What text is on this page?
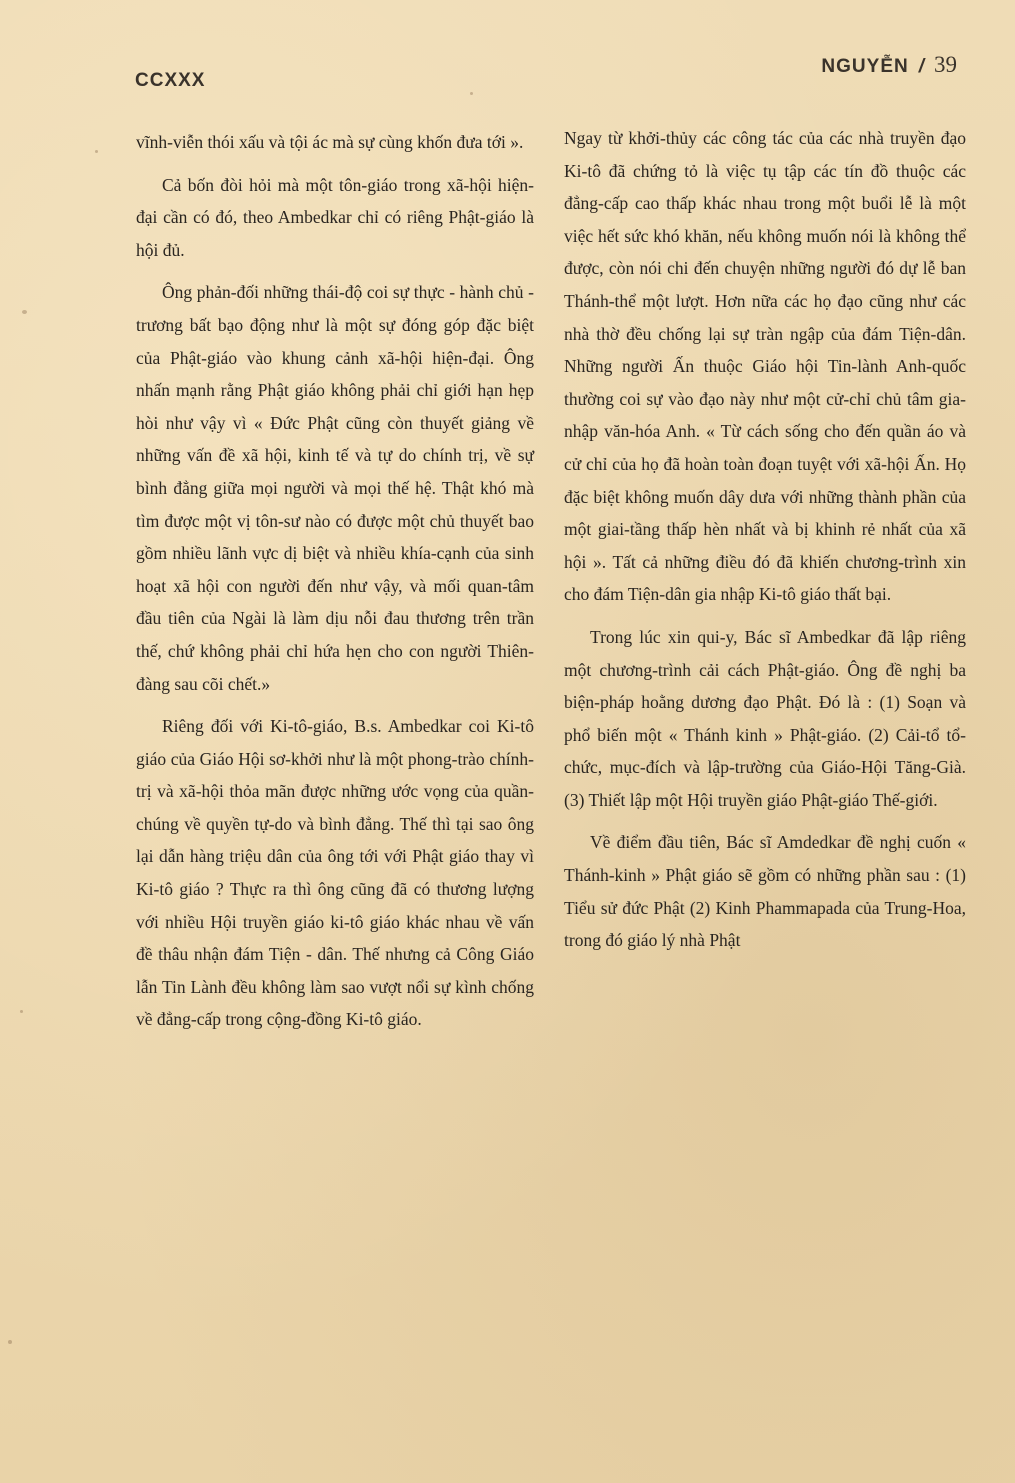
CCXXX
NGUYỄN / 39

vĩnh-viễn thói xấu và tội ác mà sự cùng khốn đưa tới ».

Cả bốn đòi hỏi mà một tôn-giáo trong xã-hội hiện-đại cần có đó, theo Ambedkar chỉ có riêng Phật-giáo là hội đủ.

Ông phản-đối những thái-độ coi sự thực - hành chủ - trương bất bạo động như là một sự đóng góp đặc biệt của Phật-giáo vào khung cảnh xã-hội hiện-đại. Ông nhấn mạnh rằng Phật giáo không phải chỉ giới hạn hẹp hòi như vậy vì « Đức Phật cũng còn thuyết giảng về những vấn đề xã hội, kinh tế và tự do chính trị, về sự bình đẳng giữa mọi người và mọi thế hệ. Thật khó mà tìm được một vị tôn-sư nào có được một chủ thuyết bao gồm nhiều lãnh vực dị biệt và nhiều khía-cạnh của sinh hoạt xã hội con người đến như vậy, và mối quan-tâm đầu tiên của Ngài là làm dịu nỗi đau thương trên trần thế, chứ không phải chỉ hứa hẹn cho con người Thiên-đàng sau cõi chết.»

Riêng đối với Ki-tô-giáo, B.s. Ambedkar coi Ki-tô giáo của Giáo Hội sơ-khởi như là một phong-trào chính-trị và xã-hội thỏa mãn được những ước vọng của quần-chúng về quyền tự-do và bình đẳng. Thế thì tại sao ông lại dẫn hàng triệu dân của ông tới với Phật giáo thay vì Ki-tô giáo ? Thực ra thì ông cũng đã có thương lượng với nhiều Hội truyền giáo ki-tô giáo khác nhau về vấn đề thâu nhận đám Tiện - dân. Thế nhưng cả Công Giáo lẫn Tin Lành đều không làm sao vượt nổi sự kình chống về đẳng-cấp trong cộng-đồng Ki-tô giáo.

Ngay từ khởi-thủy các công tác của các nhà truyền đạo Ki-tô đã chứng tỏ là việc tụ tập các tín đồ thuộc các đẳng-cấp cao thấp khác nhau trong một buổi lễ là một việc hết sức khó khăn, nếu không muốn nói là không thể được, còn nói chi đến chuyện những người đó dự lễ ban Thánh-thể một lượt. Hơn nữa các họ đạo cũng như các nhà thờ đều chống lại sự tràn ngập của đám Tiện-dân. Những người Ấn thuộc Giáo hội Tin-lành Anh-quốc thường coi sự vào đạo này như một cử-chỉ chủ tâm gia-nhập văn-hóa Anh. « Từ cách sống cho đến quần áo và cử chỉ của họ đã hoàn toàn đoạn tuyệt với xã-hội Ấn. Họ đặc biệt không muốn dây dưa với những thành phần của một giai-tầng thấp hèn nhất và bị khinh rẻ nhất của xã hội ». Tất cả những điều đó đã khiến chương-trình xin cho đám Tiện-dân gia nhập Ki-tô giáo thất bại.

Trong lúc xin qui-y, Bác sĩ Ambedkar đã lập riêng một chương-trình cải cách Phật-giáo. Ông đề nghị ba biện-pháp hoằng dương đạo Phật. Đó là : (1) Soạn và phổ biến một « Thánh kinh » Phật-giáo. (2) Cải-tổ tổ-chức, mục-đích và lập-trường của Giáo-Hội Tăng-Già. (3) Thiết lập một Hội truyền giáo Phật-giáo Thế-giới.

Về điểm đầu tiên, Bác sĩ Amdedkar đề nghị cuốn « Thánh-kinh » Phật giáo sẽ gồm có những phần sau : (1) Tiểu sử đức Phật (2) Kinh Phammapada của Trung-Hoa, trong đó giáo lý nhà Phật
